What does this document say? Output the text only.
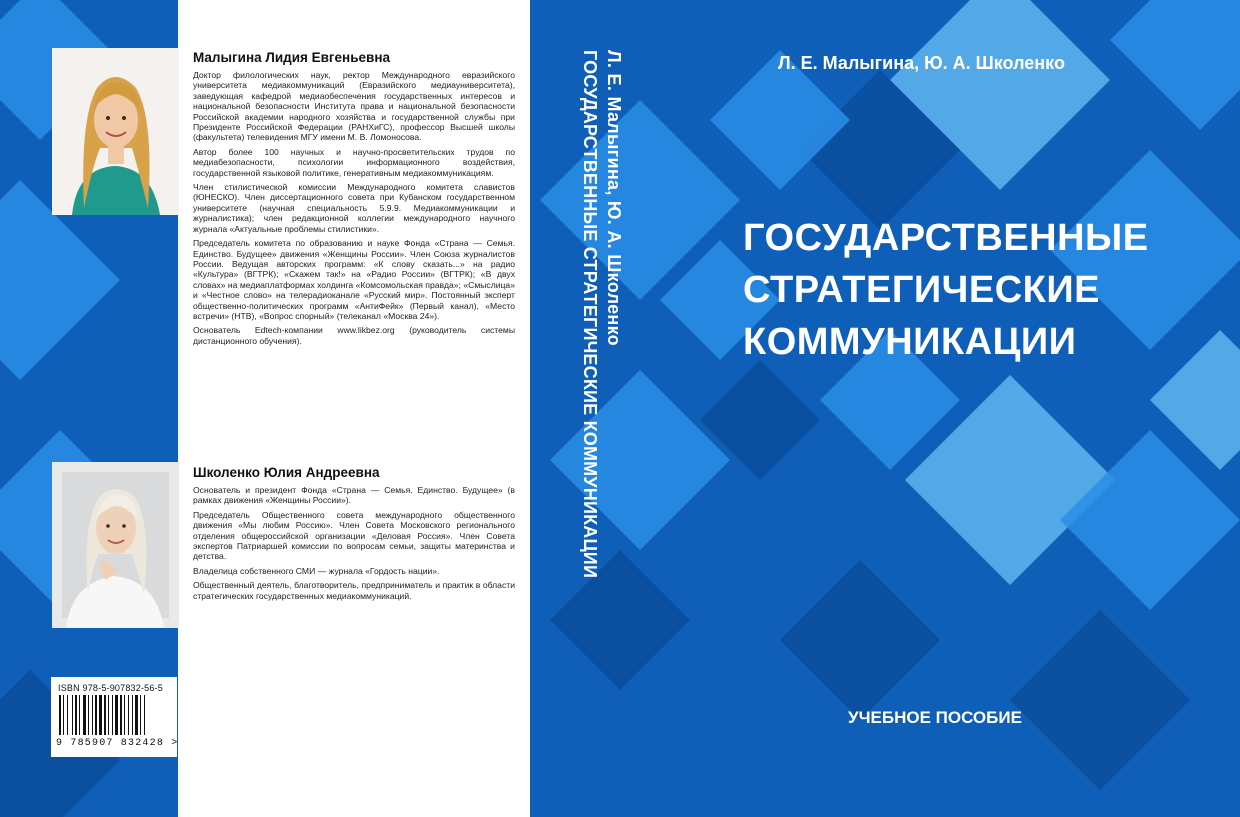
Малыгина Лидия Евгеньевна

Доктор филологических наук, ректор Международного евразийского университета медиакоммуникаций (Евразийского медиауниверситета), заведующая кафедрой медиаобеспечения государственных интересов и национальной безопасности Института права и национальной безопасности Российской академии народного хозяйства и государственной службы при Президенте Российской Федерации (РАНХиГС), профессор Высшей школы (факультета) телевидения МГУ имени М. В. Ломоносова.

Автор более 100 научных и научно-просветительских трудов по медиабезопасности, психологии информационного воздействия, государственной языковой политике, генеративным медиакоммуникациям.

Член стилистической комиссии Международного комитета славистов (ЮНЕСКО). Член диссертационного совета при Кубанском государственном университете (научная специальность 5.9.9. Медиакоммуникации и журналистика); член редакционной коллегии международного научного журнала «Актуальные проблемы стилистики».

Председатель комитета по образованию и науке Фонда «Страна — Семья. Единство. Будущее» движения «Женщины России». Член Союза журналистов России. Ведущая авторских программ: «К слову сказать...» на радио «Культура» (ВГТРК); «Скажем так!» на «Радио России» (ВГТРК); «В двух словах» на медиаплатформах холдинга «Комсомольская правда»; «Смыслица» и «Честное слово» на телерадиоканале «Русский мир». Постоянный эксперт общественно-политических программ «АнтиФейк» (Первый канал), «Место встречи» (НТВ), «Вопрос спорный» (телеканал «Москва 24»).

Основатель Edtech-компании www.likbez.org (руководитель системы дистанционного обучения).

Школенко Юлия Андреевна

Основатель и президент Фонда «Страна — Семья. Единство. Будущее» (в рамках движения «Женщины России»).

Председатель Общественного совета международного общественного движения «Мы любим Россию». Член Совета Московского регионального отделения общероссийской организации «Деловая Россия». Член Совета экспертов Патриаршей комиссии по вопросам семьи, защиты материнства и детства.

Владелица собственного СМИ — журнала «Гордость нации».

Общественный деятель, благотворитель, предприниматель и практик в области стратегических государственных медиакоммуникаций.

ISBN 978-5-907832-56-5
9 785907 832428 >
Л. Е. Малыгина, Ю. А. Школенко
ГОСУДАРСТВЕННЫЕ СТРАТЕГИЧЕСКИЕ КОММУНИКАЦИИ	Л. Е. Малыгина, Ю. А. Школенко
ГОСУДАРСТВЕННЫЕ
СТРАТЕГИЧЕСКИЕ
КОММУНИКАЦИИ
УЧЕБНОЕ ПОСОБИЕ
